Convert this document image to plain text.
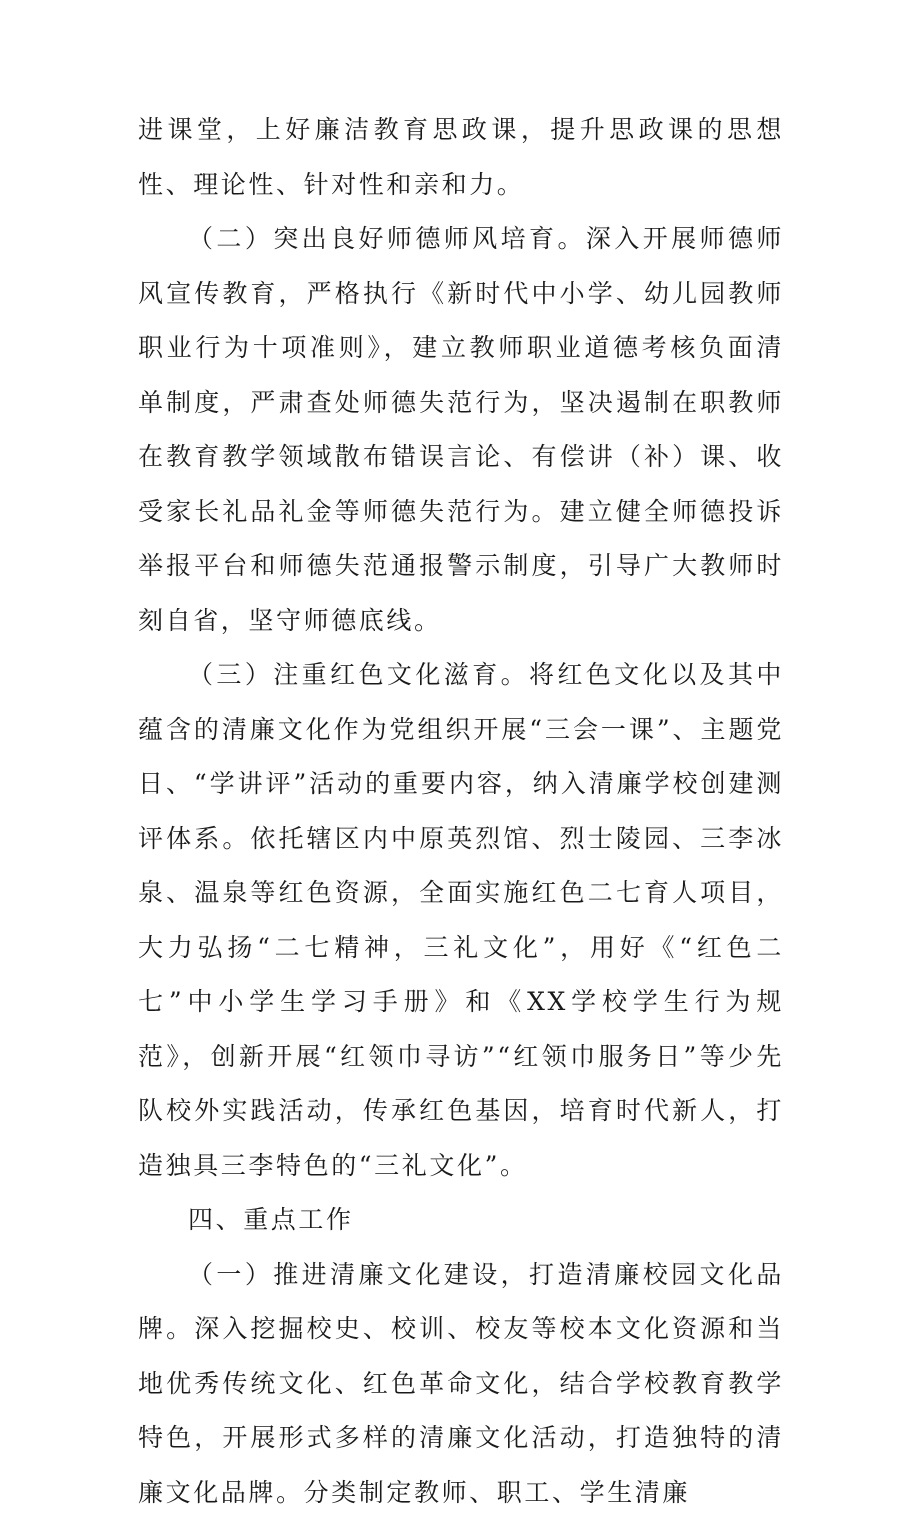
进课堂，上好廉洁教育思政课，提升思政课的思想性、理论性、针对性和亲和力。

（二）突出良好师德师风培育。深入开展师德师风宣传教育，严格执行《新时代中小学、幼儿园教师职业行为十项准则》，建立教师职业道德考核负面清单制度，严肃查处师德失范行为，坚决遏制在职教师在教育教学领域散布错误言论、有偿讲（补）课、收受家长礼品礼金等师德失范行为。建立健全师德投诉举报平台和师德失范通报警示制度，引导广大教师时刻自省，坚守师德底线。

（三）注重红色文化滋育。将红色文化以及其中蕴含的清廉文化作为党组织开展“三会一课”、主题党日、“学讲评”活动的重要内容，纳入清廉学校创建测评体系。依托辖区内中原英烈馆、烈士陵园、三李冰泉、温泉等红色资源，全面实施红色二七育人项目，大力弘扬“二七精神，三礼文化”，用好《“红色二七”中小学生学习手册》和《XX学校学生行为规范》，创新开展“红领巾寻访”“红领巾服务日”等少先队校外实践活动，传承红色基因，培育时代新人，打造独具三李特色的“三礼文化”。

四、重点工作

（一）推进清廉文化建设，打造清廉校园文化品牌。深入挖掘校史、校训、校友等校本文化资源和当地优秀传统文化、红色革命文化，结合学校教育教学特色，开展形式多样的清廉文化活动，打造独特的清廉文化品牌。分类制定教师、职工、学生清廉
